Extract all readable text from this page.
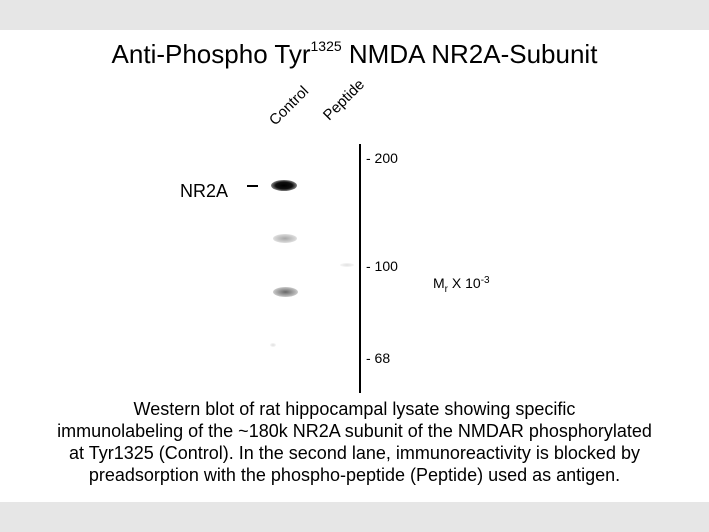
Anti-Phospho Tyr$^{1325}$ NMDA NR2A-Subunit
Control Peptide
NR2A
- 200
- 100
- 68
$M_r$ X $10^{-3}$
Western blot of rat hippocampal lysate showing specific
immunolabeling of the ~180k NR2A subunit of the NMDAR phosphorylated
at Tyr1325 (Control). In the second lane, immunoreactivity is blocked by
preadsorption with the phospho-peptide (Peptide) used as antigen.
